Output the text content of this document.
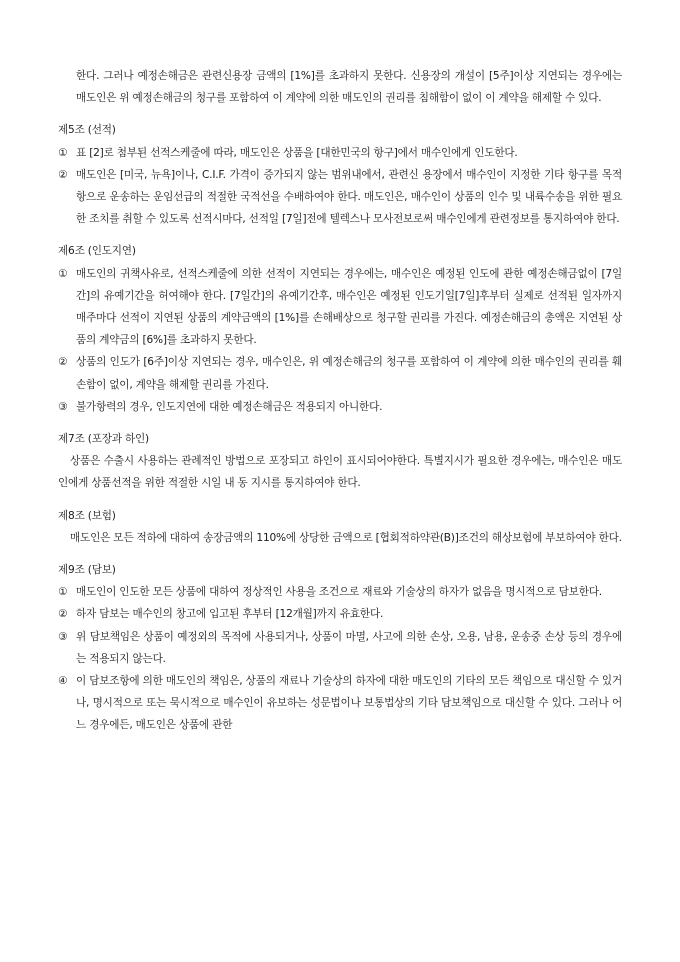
한다. 그러나 예정손해금은 관련신용장 금액의 [1%]를 초과하지 못한다. 신용장의 개설이 [5주]이상 지연되는 경우에는 매도인은 위 예정손해금의 청구를 포함하여 이 계약에 의한 매도인의 권리를 침해함이 없이 이 계약을 해제할 수 있다.
제5조 (선적)
① 표 [2]로 첨부된 선적스케줄에 따라, 매도인은 상품을 [대한민국의 항구]에서 매수인에게 인도한다.
② 매도인은 [미국, 뉴욕]이나, C.I.F. 가격이 증가되지 않는 범위내에서, 관련신 용장에서 매수인이 지정한 기타 항구를 목적항으로 운송하는 운임선급의 적절한 국적선을 수배하여야 한다. 매도인은, 매수인이 상품의 인수 및 내륙수송을 위한 필요한 조치를 취할 수 있도록 선적시마다, 선적일 [7일]전에 텔렉스나 모사전보로써 매수인에게 관련정보를 통지하여야 한다.
제6조 (인도지연)
① 매도인의 귀책사유로, 선적스케줄에 의한 선적이 지연되는 경우에는, 매수인은 예정된 인도에 관한 예정손해금없이 [7일간]의 유예기간을 허여해야 한다. [7일간]의 유예기간후, 매수인은 예정된 인도기일[7일]후부터 실제로 선적된 일자까지 매주마다 선적이 지연된 상품의 계약금액의 [1%]를 손해배상으로 청구할 권리를 가진다. 예정손해금의 총액은 지연된 상품의 계약금의 [6%]를 초과하지 못한다.
② 상품의 인도가 [6주]이상 지연되는 경우, 매수인은, 위 예정손해금의 청구를 포함하여 이 계약에 의한 매수인의 권리를 훼손함이 없이, 계약을 해제할 권리를 가진다.
③ 불가항력의 경우, 인도지연에 대한 예정손해금은 적용되지 아니한다.
제7조 (포장과 하인)
상품은 수출시 사용하는 관례적인 방법으로 포장되고 하인이 표시되어야한다. 특별지시가 필요한 경우에는, 매수인은 매도인에게 상품선적을 위한 적절한 시일 내 동 지시를 통지하여야 한다.
제8조 (보험)
매도인은 모든 적하에 대하여 송장금액의 110%에 상당한 금액으로 [협회적하약관(B)]조건의 해상보험에 부보하여야 한다.
제9조 (담보)
① 매도인이 인도한 모든 상품에 대하여 정상적인 사용을 조건으로 재료와 기술상의 하자가 없음을 명시적으로 담보한다.
② 하자 담보는 매수인의 창고에 입고된 후부터 [12개월]까지 유효한다.
③ 위 담보책임은 상품이 예정외의 목적에 사용되거나, 상품이 마멸, 사고에 의한 손상, 오용, 남용, 운송중 손상 등의 경우에는 적용되지 않는다.
④ 이 담보조항에 의한 매도인의 책임은, 상품의 재료나 기술상의 하자에 대한 매도인의 기타의 모든 책임으로 대신할 수 있거나, 명시적으로 또는 묵시적으로 매수인이 유보하는 성문법이나 보통법상의 기타 담보책임으로 대신할 수 있다. 그러나 어느 경우에든, 매도인은 상품에 관한
